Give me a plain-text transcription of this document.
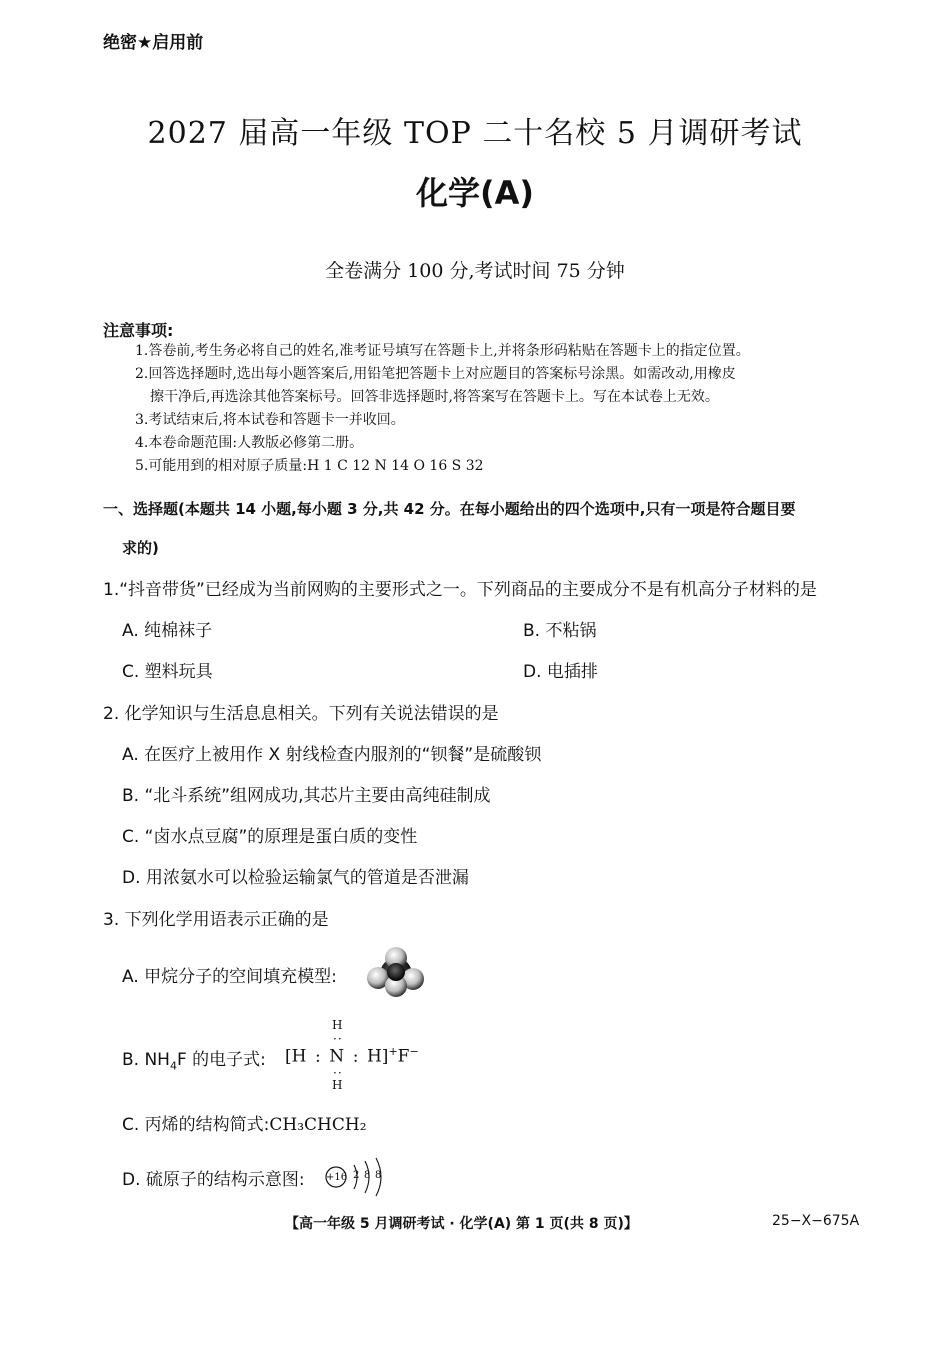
绝密★启用前
2027 届高一年级 TOP 二十名校 5 月调研考试
化学(A)
全卷满分 100 分,考试时间 75 分钟
注意事项:
1.答卷前,考生务必将自己的姓名,准考证号填写在答题卡上,并将条形码粘贴在答题卡上的指定位置。
2.回答选择题时,选出每小题答案后,用铅笔把答题卡上对应题目的答案标号涂黑。如需改动,用橡皮
擦干净后,再选涂其他答案标号。回答非选择题时,将答案写在答题卡上。写在本试卷上无效。
3.考试结束后,将本试卷和答题卡一并收回。
4.本卷命题范围:人教版必修第二册。
5.可能用到的相对原子质量:H 1 C 12 N 14 O 16 S 32
一、选择题(本题共 14 小题,每小题 3 分,共 42 分。在每小题给出的四个选项中,只有一项是符合题目要
求的)
1.“抖音带货”已经成为当前网购的主要形式之一。下列商品的主要成分不是有机高分子材料的是
A. 纯棉袜子	B. 不粘锅
C. 塑料玩具	D. 电插排
2. 化学知识与生活息息相关。下列有关说法错误的是
A. 在医疗上被用作 X 射线检查内服剂的“钡餐”是硫酸钡
B. “北斗系统”组网成功,其芯片主要由高纯硅制成
C. “卤水点豆腐”的原理是蛋白质的变性
D. 用浓氨水可以检验运输氯气的管道是否泄漏
3. 下列化学用语表示正确的是
A. 甲烷分子的空间填充模型:
B. $NH_4F$ 的电子式: [H : N : H]+F−
H
··
··
H
C. 丙烯的结构简式:CH₃CHCH₂
D. 硫原子的结构示意图: +16 2 8 8
【高一年级 5 月调研考试 · 化学(A) 第 1 页(共 8 页)】	25−X−675A
